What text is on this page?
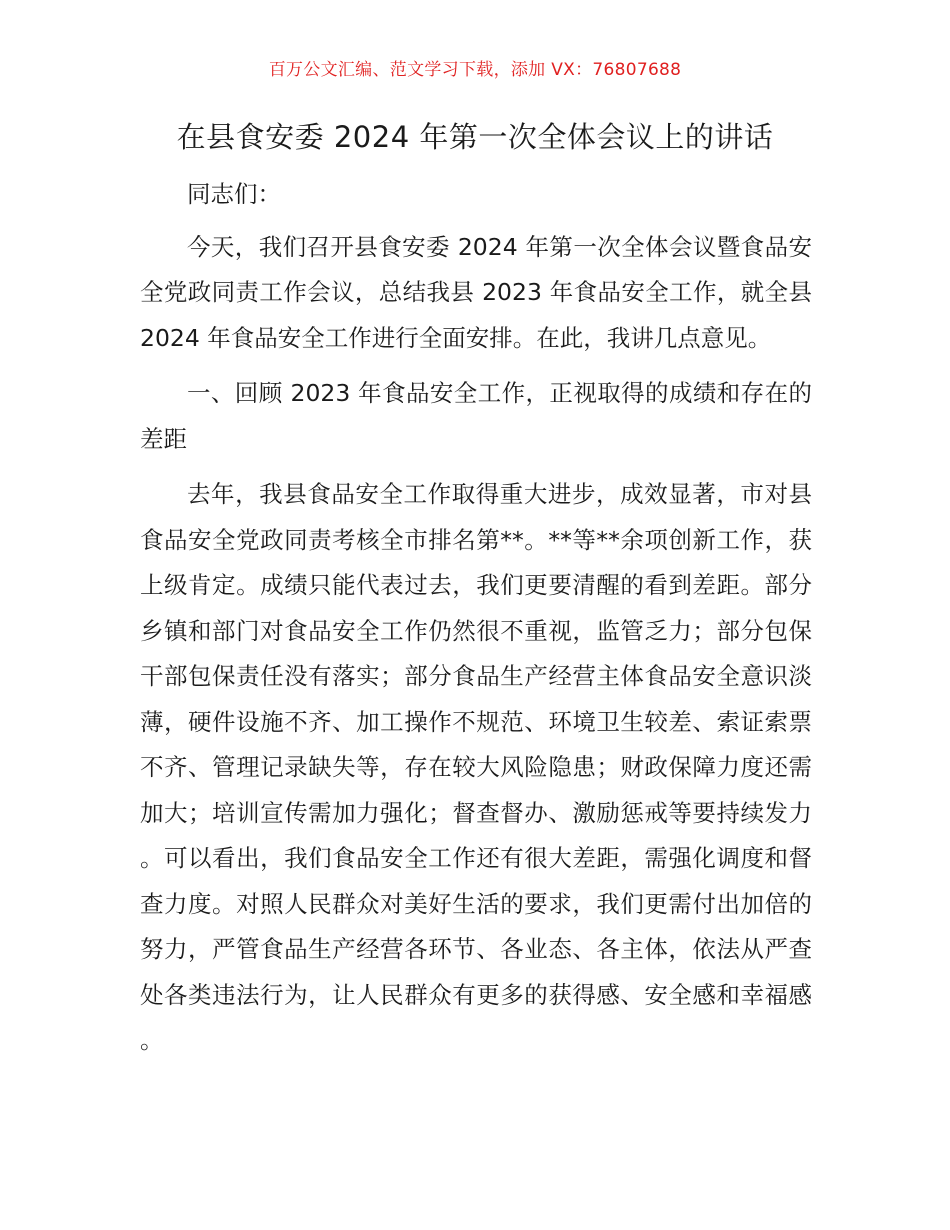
百万公文汇编、范文学习下载，添加 VX：76807688
在县食安委 2024 年第一次全体会议上的讲话

同志们：

今天，我们召开县食安委 2024 年第一次全体会议暨食品安全党政同责工作会议，总结我县 2023 年食品安全工作，就全县 2024 年食品安全工作进行全面安排。在此，我讲几点意见。

一、回顾 2023 年食品安全工作，正视取得的成绩和存在的差距

去年，我县食品安全工作取得重大进步，成效显著，市对县食品安全党政同责考核全市排名第**。**等**余项创新工作，获上级肯定。成绩只能代表过去，我们更要清醒的看到差距。部分乡镇和部门对食品安全工作仍然很不重视，监管乏力；部分包保干部包保责任没有落实；部分食品生产经营主体食品安全意识淡薄，硬件设施不齐、加工操作不规范、环境卫生较差、索证索票不齐、管理记录缺失等，存在较大风险隐患；财政保障力度还需加大；培训宣传需加力强化；督查督办、激励惩戒等要持续发力。可以看出，我们食品安全工作还有很大差距，需强化调度和督查力度。对照人民群众对美好生活的要求，我们更需付出加倍的努力，严管食品生产经营各环节、各业态、各主体，依法从严查处各类违法行为，让人民群众有更多的获得感、安全感和幸福感。
